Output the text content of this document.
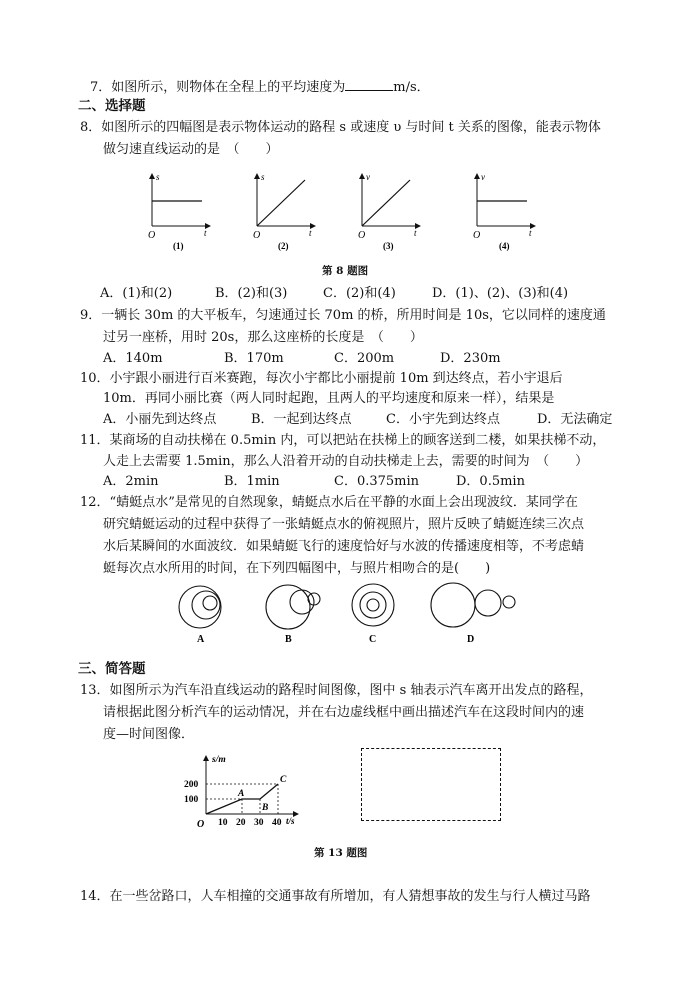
7．如图所示，则物体在全程上的平均速度为	m/s．
二、选择题
8．如图所示的四幅图是表示物体运动的路程 s 或速度 υ 与时间 t 关系的图像，能表示物体
做匀速直线运动的是　（　　）
s
O	t
(1)
s
O	t
(2)
v
O	t
(3)
v
O	t
(4)
第 8 题图
A．(1)和(2)	B．(2)和(3)	C．(2)和(4)	D．(1)、(2)、(3)和(4)
9．一辆长 30m 的大平板车，匀速通过长 70m 的桥，所用时间是 10s，它以同样的速度通
过另一座桥，用时 20s，那么这座桥的长度是　（　　）
A．140m	B．170m	C．200m	D．230m
10．小宇跟小丽进行百米赛跑，每次小宇都比小丽提前 10m 到达终点，若小宇退后
10m．再同小丽比赛（两人同时起跑，且两人的平均速度和原来一样），结果是
A．小丽先到达终点	B．一起到达终点	C．小宇先到达终点	D．无法确定
11．某商场的自动扶梯在 0.5min 内，可以把站在扶梯上的顾客送到二楼，如果扶梯不动，
人走上去需要 1.5min，那么人沿着开动的自动扶梯走上去，需要的时间为　（　　）
A．2min	B．1min	C．0.375min	D．0.5min
12．“蜻蜓点水”是常见的自然现象，蜻蜓点水后在平静的水面上会出现波纹．某同学在
研究蜻蜓运动的过程中获得了一张蜻蜓点水的俯视照片，照片反映了蜻蜓连续三次点
水后某瞬间的水面波纹．如果蜻蜓飞行的速度恰好与水波的传播速度相等，不考虑蜻
蜓每次点水所用的时间，在下列四幅图中，与照片相吻合的是(　　)
A	B	C	D
三、简答题
13．如图所示为汽车沿直线运动的路程时间图像，图中 s 轴表示汽车离开出发点的路程，
请根据此图分析汽车的运动情况，并在右边虚线框中画出描述汽车在这段时间内的速
度—时间图像．
s/m
200
100
O 10 20 30 40 t/s
A
B
C
第 13 题图
14．在一些岔路口，人车相撞的交通事故有所增加，有人猜想事故的发生与行人横过马路
